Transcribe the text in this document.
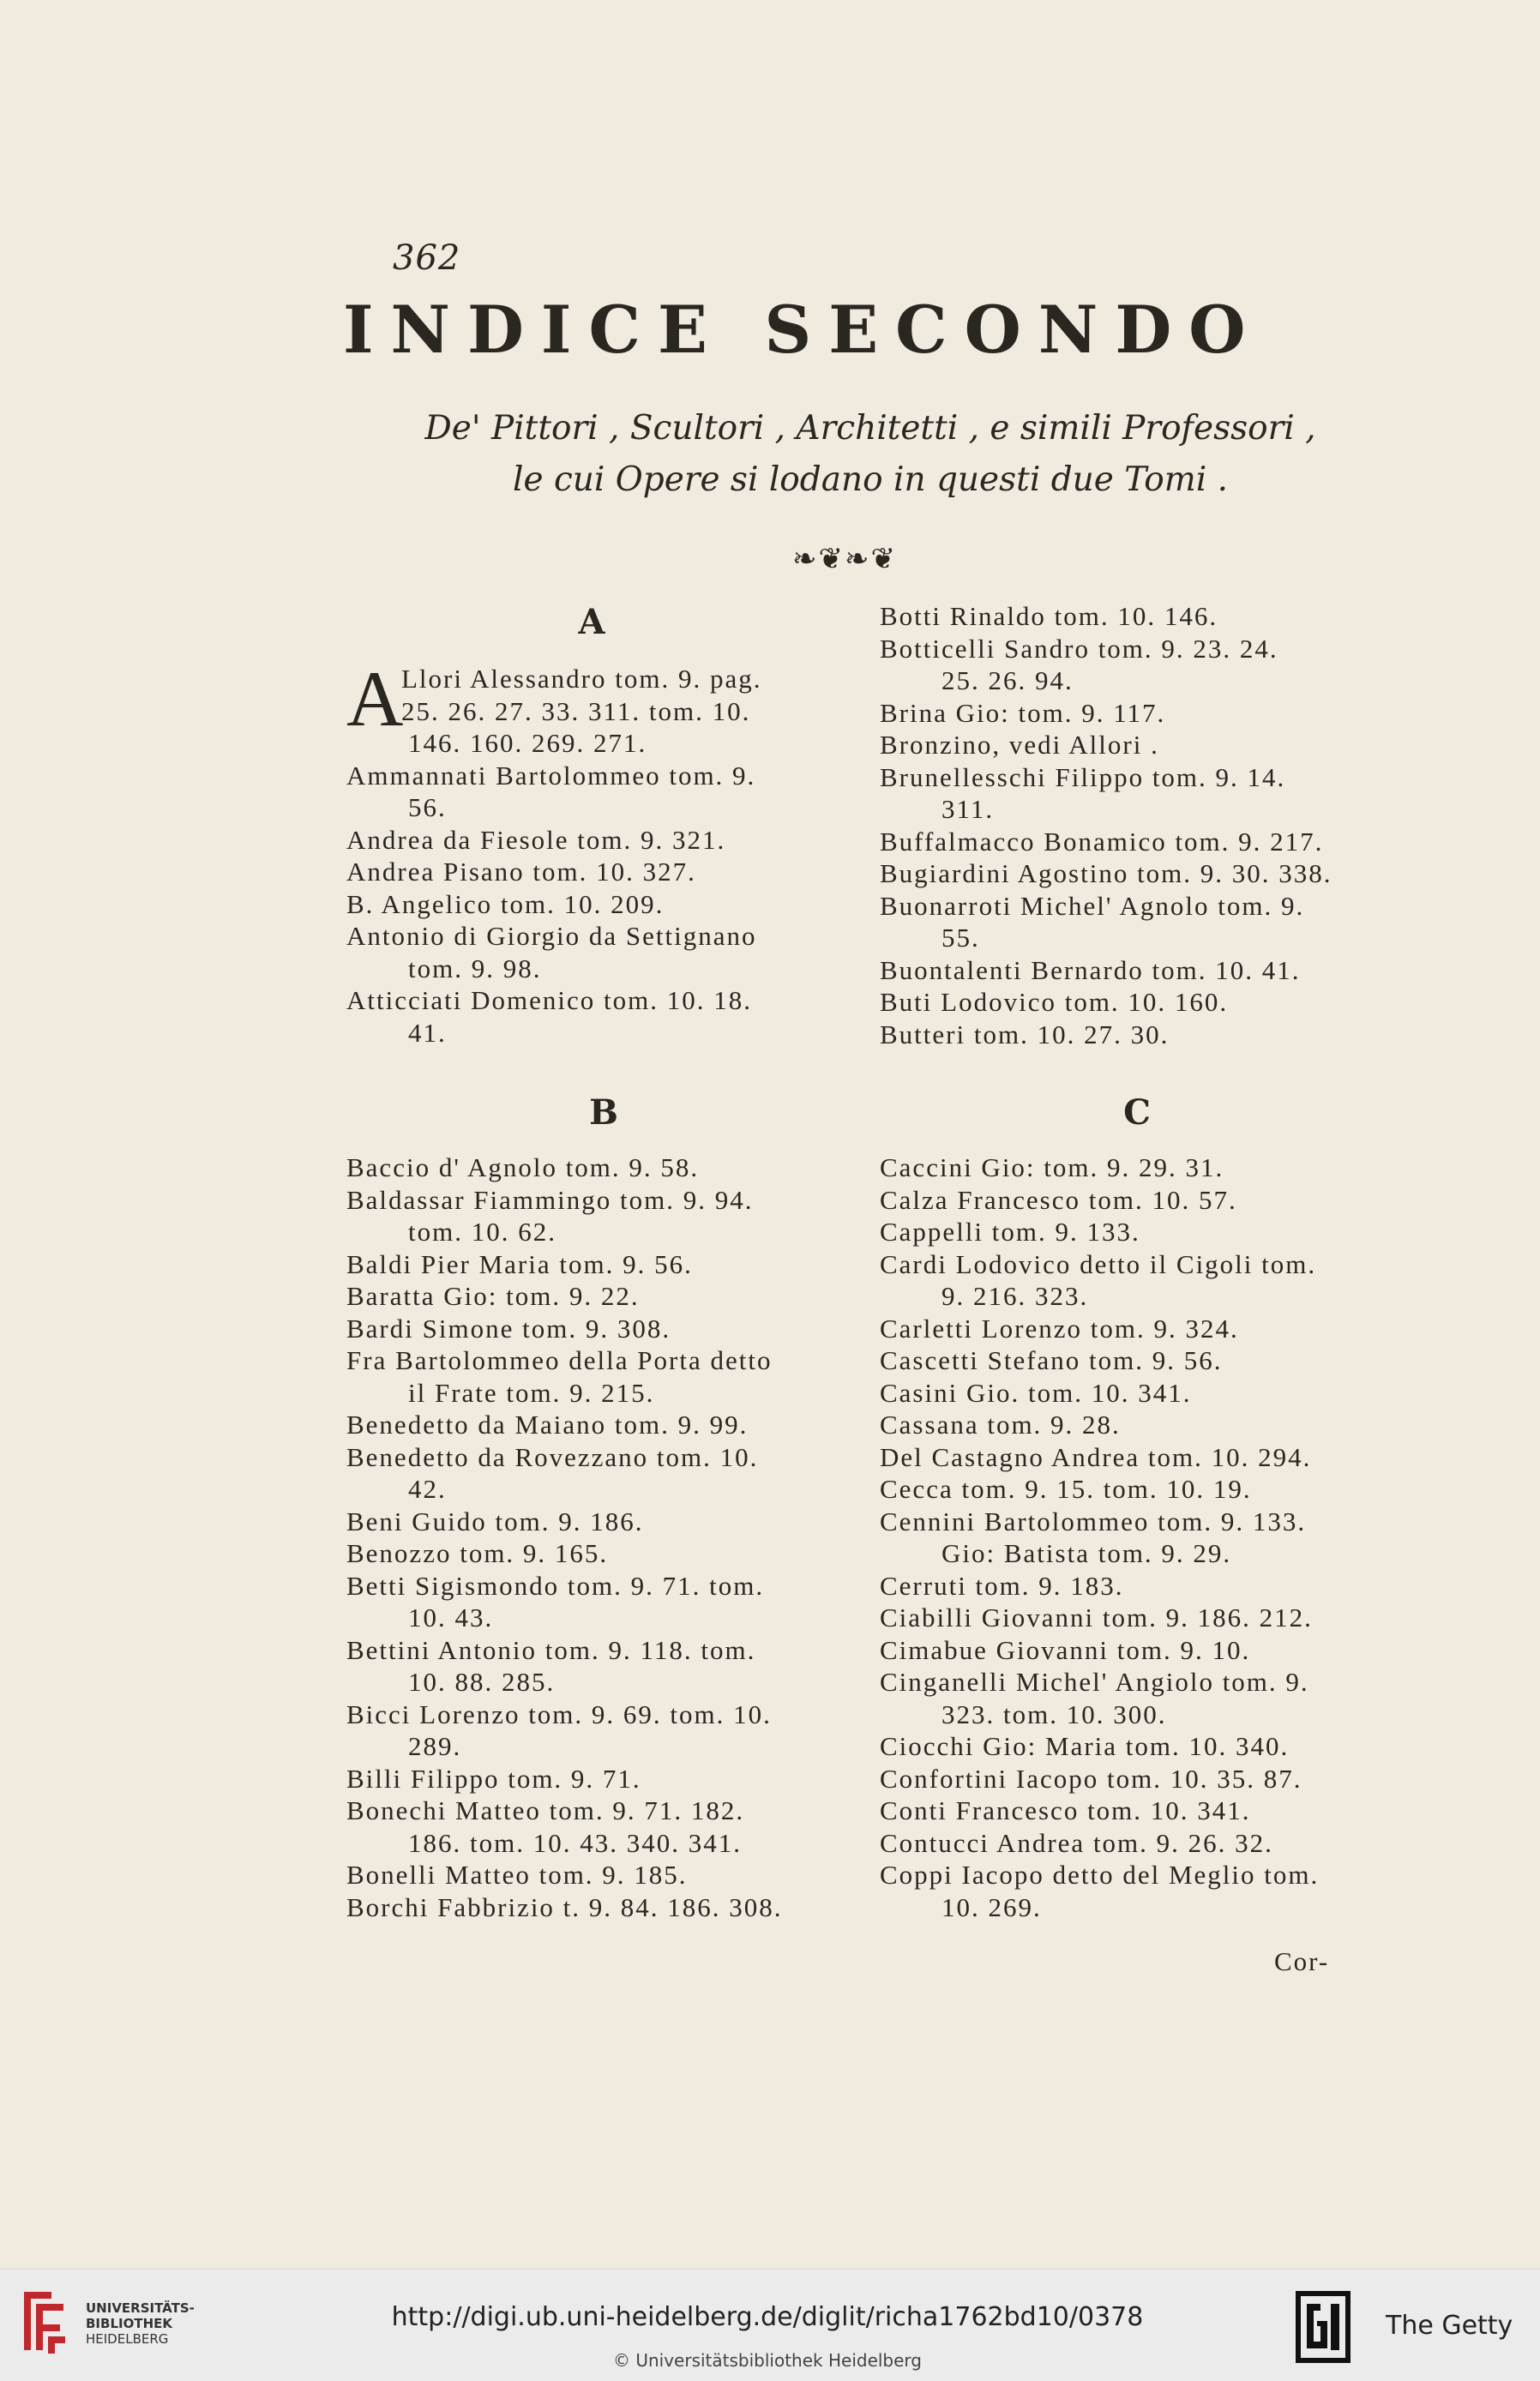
362
INDICE SECONDO
De' Pittori , Scultori , Architetti , e simili Professori ,
le cui Opere si lodano in questi due Tomi .
❧❦❧❦
A
A
Llori Alessandro tom. 9. pag.
25. 26. 27. 33. 311. tom. 10.
146. 160. 269. 271.
Ammannati Bartolommeo tom. 9.
56.
Andrea da Fiesole tom. 9. 321.
Andrea Pisano tom. 10. 327.
B. Angelico tom. 10. 209.
Antonio di Giorgio da Settignano
tom. 9. 98.
Atticciati Domenico tom. 10. 18.
41.
Botti Rinaldo tom. 10. 146.
Botticelli Sandro tom. 9. 23. 24.
25. 26. 94.
Brina Gio: tom. 9. 117.
Bronzino, vedi Allori .
Brunellesschi Filippo tom. 9. 14.
311.
Buffalmacco Bonamico tom. 9. 217.
Bugiardini Agostino tom. 9. 30. 338.
Buonarroti Michel' Agnolo tom. 9.
55.
Buontalenti Bernardo tom. 10. 41.
Buti Lodovico tom. 10. 160.
Butteri tom. 10. 27. 30.
B
Baccio d' Agnolo tom. 9. 58.
Baldassar Fiammingo tom. 9. 94.
tom. 10. 62.
Baldi Pier Maria tom. 9. 56.
Baratta Gio: tom. 9. 22.
Bardi Simone tom. 9. 308.
Fra Bartolommeo della Porta detto
il Frate tom. 9. 215.
Benedetto da Maiano tom. 9. 99.
Benedetto da Rovezzano tom. 10.
42.
Beni Guido tom. 9. 186.
Benozzo tom. 9. 165.
Betti Sigismondo tom. 9. 71. tom.
10. 43.
Bettini Antonio tom. 9. 118. tom.
10. 88. 285.
Bicci Lorenzo tom. 9. 69. tom. 10.
289.
Billi Filippo tom. 9. 71.
Bonechi Matteo tom. 9. 71. 182.
186. tom. 10. 43. 340. 341.
Bonelli Matteo tom. 9. 185.
Borchi Fabbrizio t. 9. 84. 186. 308.
C
Caccini Gio: tom. 9. 29. 31.
Calza Francesco tom. 10. 57.
Cappelli tom. 9. 133.
Cardi Lodovico detto il Cigoli tom.
9. 216. 323.
Carletti Lorenzo tom. 9. 324.
Cascetti Stefano tom. 9. 56.
Casini Gio. tom. 10. 341.
Cassana tom. 9. 28.
Del Castagno Andrea tom. 10. 294.
Cecca tom. 9. 15. tom. 10. 19.
Cennini Bartolommeo tom. 9. 133.
Gio: Batista tom. 9. 29.
Cerruti tom. 9. 183.
Ciabilli Giovanni tom. 9. 186. 212.
Cimabue Giovanni tom. 9. 10.
Cinganelli Michel' Angiolo tom. 9.
323. tom. 10. 300.
Ciocchi Gio: Maria tom. 10. 340.
Confortini Iacopo tom. 10. 35. 87.
Conti Francesco tom. 10. 341.
Contucci Andrea tom. 9. 26. 32.
Coppi Iacopo detto del Meglio tom.
10. 269.
Cor-
UNIVERSITÄTS-
BIBLIOTHEK
HEIDELBERG
http://digi.ub.uni-heidelberg.de/diglit/richa1762bd10/0378
© Universitätsbibliothek Heidelberg
The Getty
